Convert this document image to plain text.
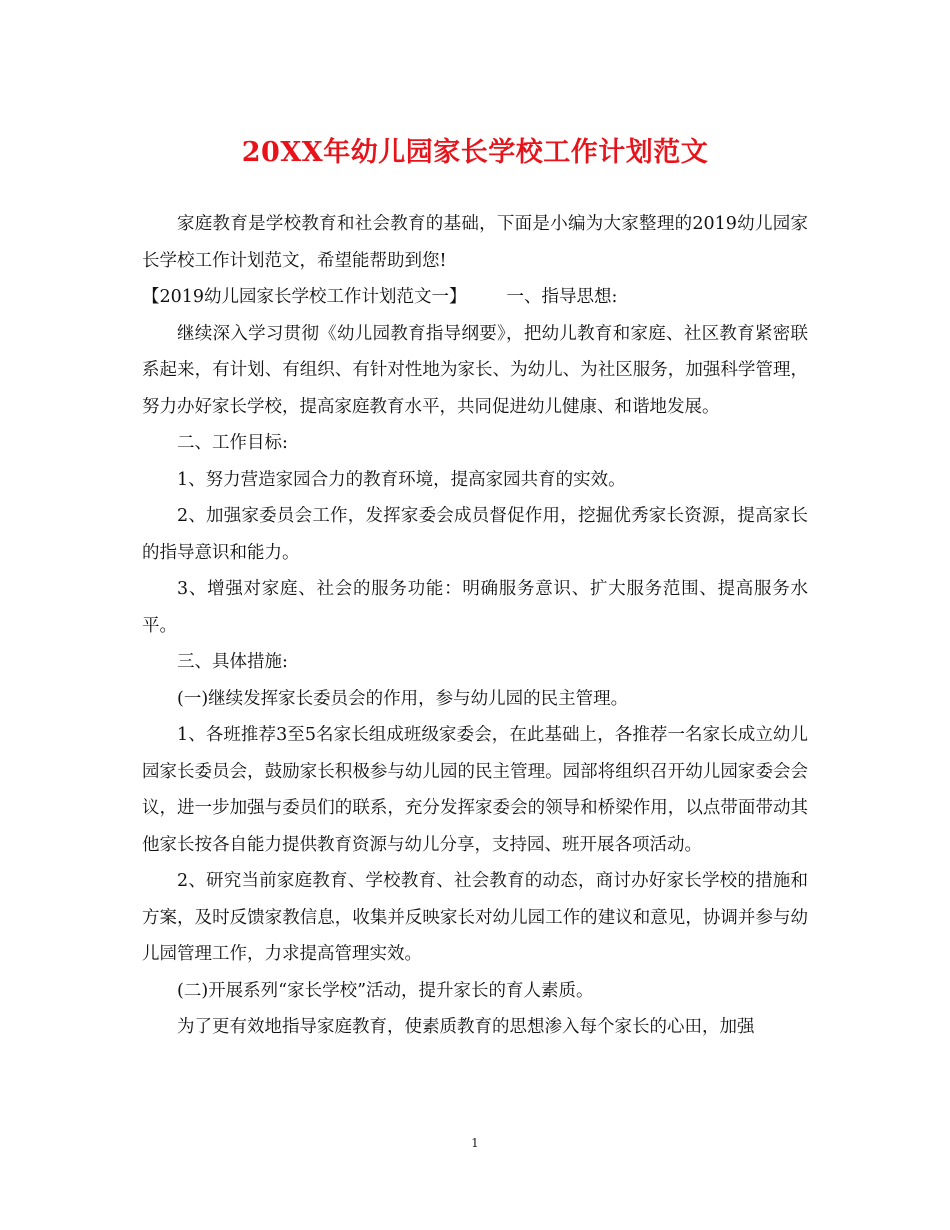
20XX年幼儿园家长学校工作计划范文

家庭教育是学校教育和社会教育的基础，下面是小编为大家整理的2019幼儿园家长学校工作计划范文，希望能帮助到您!

【2019幼儿园家长学校工作计划范文一】 一、指导思想:

继续深入学习贯彻《幼儿园教育指导纲要》，把幼儿教育和家庭、社区教育紧密联系起来，有计划、有组织、有针对性地为家长、为幼儿、为社区服务，加强科学管理，努力办好家长学校，提高家庭教育水平，共同促进幼儿健康、和谐地发展。

二、工作目标:

1、努力营造家园合力的教育环境，提高家园共育的实效。

2、加强家委员会工作，发挥家委会成员督促作用，挖掘优秀家长资源，提高家长的指导意识和能力。

3、增强对家庭、社会的服务功能：明确服务意识、扩大服务范围、提高服务水平。

三、具体措施:

(一)继续发挥家长委员会的作用，参与幼儿园的民主管理。

1、各班推荐3至5名家长组成班级家委会，在此基础上，各推荐一名家长成立幼儿园家长委员会，鼓励家长积极参与幼儿园的民主管理。园部将组织召开幼儿园家委会会议，进一步加强与委员们的联系，充分发挥家委会的领导和桥梁作用，以点带面带动其他家长按各自能力提供教育资源与幼儿分享，支持园、班开展各项活动。

2、研究当前家庭教育、学校教育、社会教育的动态，商讨办好家长学校的措施和方案，及时反馈家教信息，收集并反映家长对幼儿园工作的建议和意见，协调并参与幼儿园管理工作，力求提高管理实效。

(二)开展系列“家长学校”活动，提升家长的育人素质。

为了更有效地指导家庭教育，使素质教育的思想渗入每个家长的心田，加强

1
